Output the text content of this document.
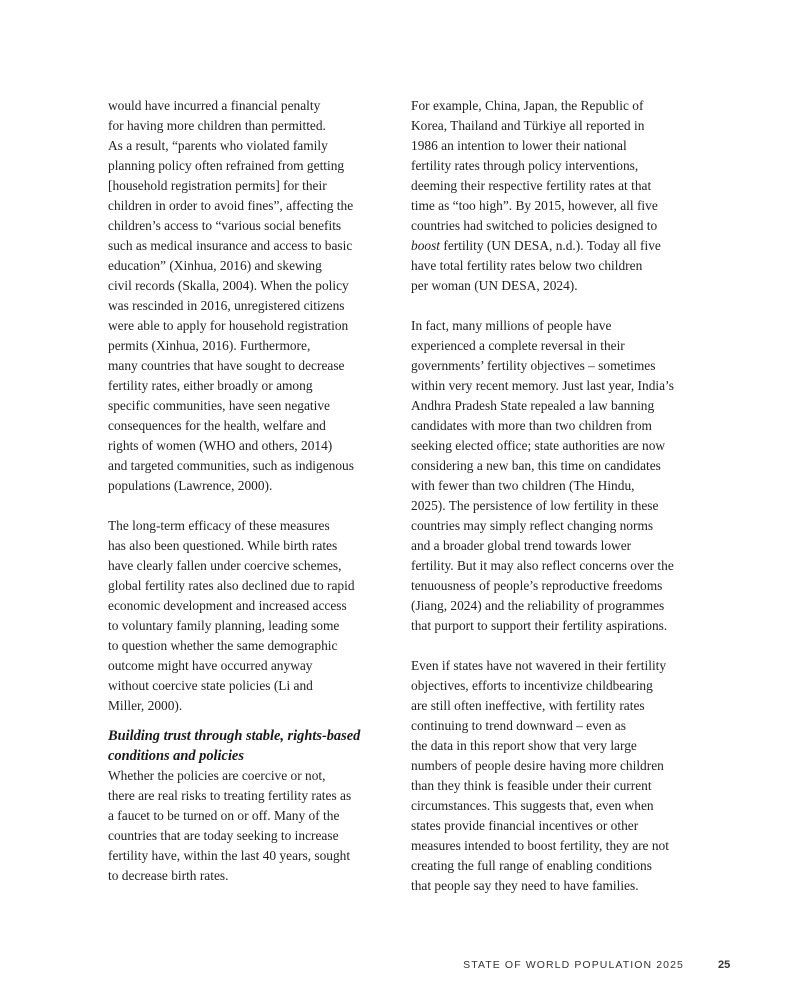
would have incurred a financial penalty
for having more children than permitted.
As a result, “parents who violated family
planning policy often refrained from getting
[household registration permits] for their
children in order to avoid fines”, affecting the
children’s access to “various social benefits
such as medical insurance and access to basic
education” (Xinhua, 2016) and skewing
civil records (Skalla, 2004). When the policy
was rescinded in 2016, unregistered citizens
were able to apply for household registration
permits (Xinhua, 2016). Furthermore,
many countries that have sought to decrease
fertility rates, either broadly or among
specific communities, have seen negative
consequences for the health, welfare and
rights of women (WHO and others, 2014)
and targeted communities, such as indigenous
populations (Lawrence, 2000).
The long-term efficacy of these measures
has also been questioned. While birth rates
have clearly fallen under coercive schemes,
global fertility rates also declined due to rapid
economic development and increased access
to voluntary family planning, leading some
to question whether the same demographic
outcome might have occurred anyway
without coercive state policies (Li and
Miller, 2000).
Building trust through stable, rights-based
conditions and policies
Whether the policies are coercive or not,
there are real risks to treating fertility rates as
a faucet to be turned on or off. Many of the
countries that are today seeking to increase
fertility have, within the last 40 years, sought
to decrease birth rates.
For example, China, Japan, the Republic of
Korea, Thailand and Türkiye all reported in
1986 an intention to lower their national
fertility rates through policy interventions,
deeming their respective fertility rates at that
time as “too high”. By 2015, however, all five
countries had switched to policies designed to
boost fertility (UN DESA, n.d.). Today all five
have total fertility rates below two children
per woman (UN DESA, 2024).
In fact, many millions of people have
experienced a complete reversal in their
governments’ fertility objectives – sometimes
within very recent memory. Just last year, India’s
Andhra Pradesh State repealed a law banning
candidates with more than two children from
seeking elected office; state authorities are now
considering a new ban, this time on candidates
with fewer than two children (The Hindu,
2025). The persistence of low fertility in these
countries may simply reflect changing norms
and a broader global trend towards lower
fertility. But it may also reflect concerns over the
tenuousness of people’s reproductive freedoms
(Jiang, 2024) and the reliability of programmes
that purport to support their fertility aspirations.
Even if states have not wavered in their fertility
objectives, efforts to incentivize childbearing
are still often ineffective, with fertility rates
continuing to trend downward – even as
the data in this report show that very large
numbers of people desire having more children
than they think is feasible under their current
circumstances. This suggests that, even when
states provide financial incentives or other
measures intended to boost fertility, they are not
creating the full range of enabling conditions
that people say they need to have families.
STATE OF WORLD POPULATION 2025	25
